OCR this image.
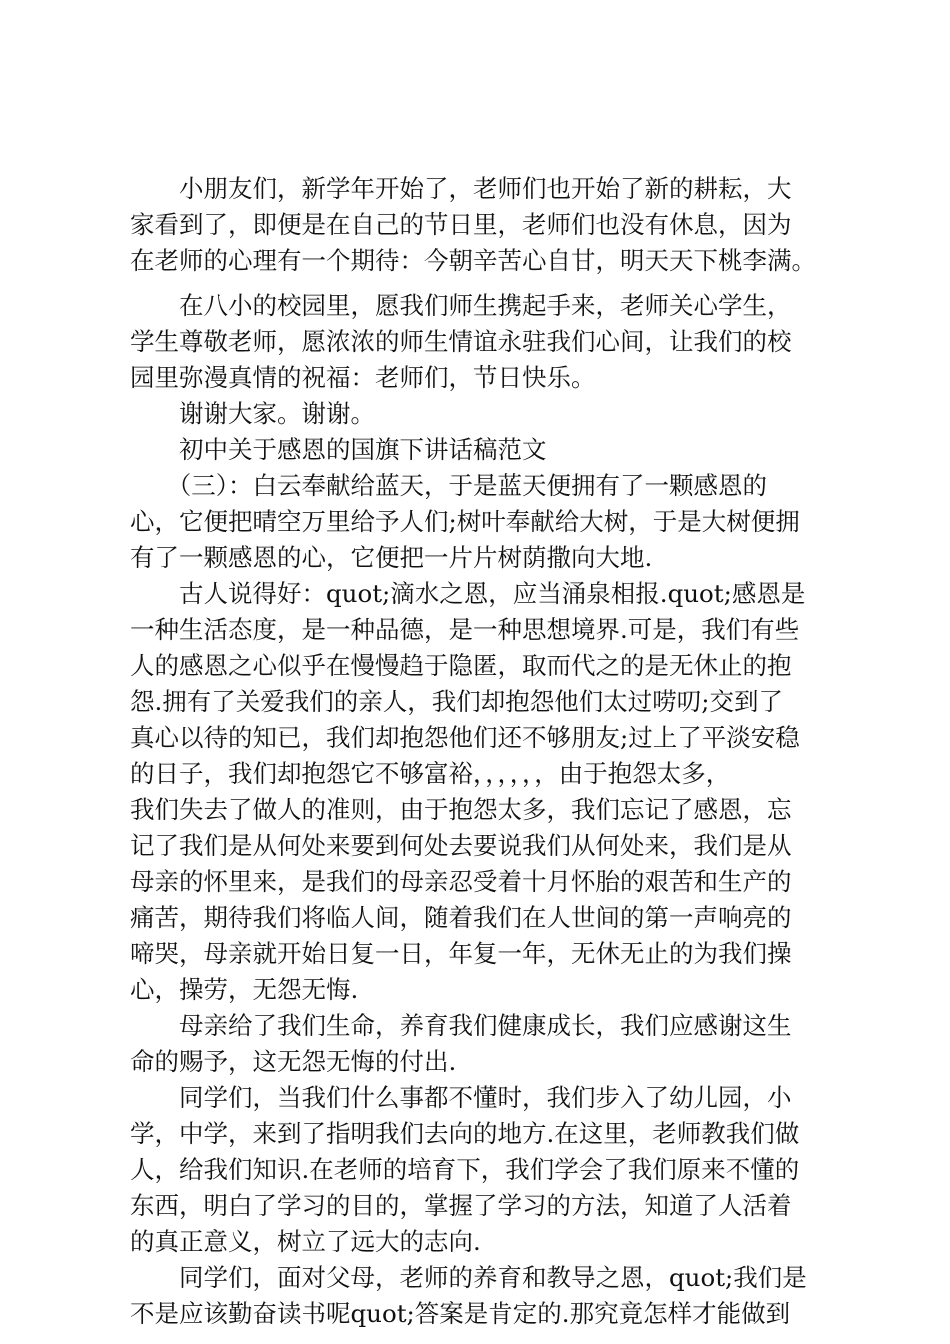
　　小朋友们，新学年开始了，老师们也开始了新的耕耘，大
家看到了，即便是在自己的节日里，老师们也没有休息，因为
在老师的心理有一个期待：今朝辛苦心自甘，明天天下桃李满。
　　在八小的校园里，愿我们师生携起手来，老师关心学生，
学生尊敬老师，愿浓浓的师生情谊永驻我们心间，让我们的校
园里弥漫真情的祝福：老师们，节日快乐。
　　谢谢大家。谢谢。
　　初中关于感恩的国旗下讲话稿范文
　　（三）：白云奉献给蓝天，于是蓝天便拥有了一颗感恩的
心，它便把晴空万里给予人们;树叶奉献给大树，于是大树便拥
有了一颗感恩的心，它便把一片片树荫撒向大地.
　　古人说得好：quot;滴水之恩，应当涌泉相报.quot;感恩是
一种生活态度，是一种品德，是一种思想境界.可是，我们有些
人的感恩之心似乎在慢慢趋于隐匿，取而代之的是无休止的抱
怨.拥有了关爱我们的亲人，我们却抱怨他们太过唠叨;交到了
真心以待的知已，我们却抱怨他们还不够朋友;过上了平淡安稳
的日子，我们却抱怨它不够富裕，，，，，，由于抱怨太多，
我们失去了做人的准则，由于抱怨太多，我们忘记了感恩，忘
记了我们是从何处来要到何处去要说我们从何处来，我们是从
母亲的怀里来，是我们的母亲忍受着十月怀胎的艰苦和生产的
痛苦，期待我们将临人间，随着我们在人世间的第一声响亮的
啼哭，母亲就开始日复一日，年复一年，无休无止的为我们操
心，操劳，无怨无悔.
　　母亲给了我们生命，养育我们健康成长，我们应感谢这生
命的赐予，这无怨无悔的付出.
　　同学们，当我们什么事都不懂时，我们步入了幼儿园，小
学，中学，来到了指明我们去向的地方.在这里，老师教我们做
人，给我们知识.在老师的培育下，我们学会了我们原来不懂的
东西，明白了学习的目的，掌握了学习的方法，知道了人活着
的真正意义，树立了远大的志向.
　　同学们，面对父母，老师的养育和教导之恩，quot;我们是
不是应该勤奋读书呢quot;答案是肯定的.那究竟怎样才能做到
